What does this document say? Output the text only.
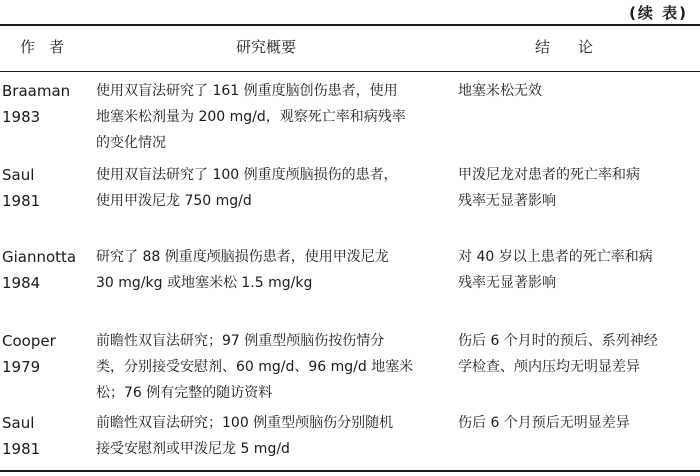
(续 表)
作者	研究概要	结论
Braaman
1983
使用双盲法研究了 161 例重度脑创伤患者，使用
地塞米松剂量为 200 mg/d，观察死亡率和病残率
的变化情况
地塞米松无效
Saul
1981
使用双盲法研究了 100 例重度颅脑损伤的患者，
使用甲泼尼龙 750 mg/d
甲泼尼龙对患者的死亡率和病
残率无显著影响
Giannotta
1984
研究了 88 例重度颅脑损伤患者，使用甲泼尼龙
30 mg/kg 或地塞米松 1.5 mg/kg
对 40 岁以上患者的死亡率和病
残率无显著影响
Cooper
1979
前瞻性双盲法研究；97 例重型颅脑伤按伤情分
类，分别接受安慰剂、60 mg/d、96 mg/d 地塞米
松；76 例有完整的随访资料
伤后 6 个月时的预后、系列神经
学检查、颅内压均无明显差异
Saul
1981
前瞻性双盲法研究；100 例重型颅脑伤分别随机
接受安慰剂或甲泼尼龙 5 mg/d
伤后 6 个月预后无明显差异
